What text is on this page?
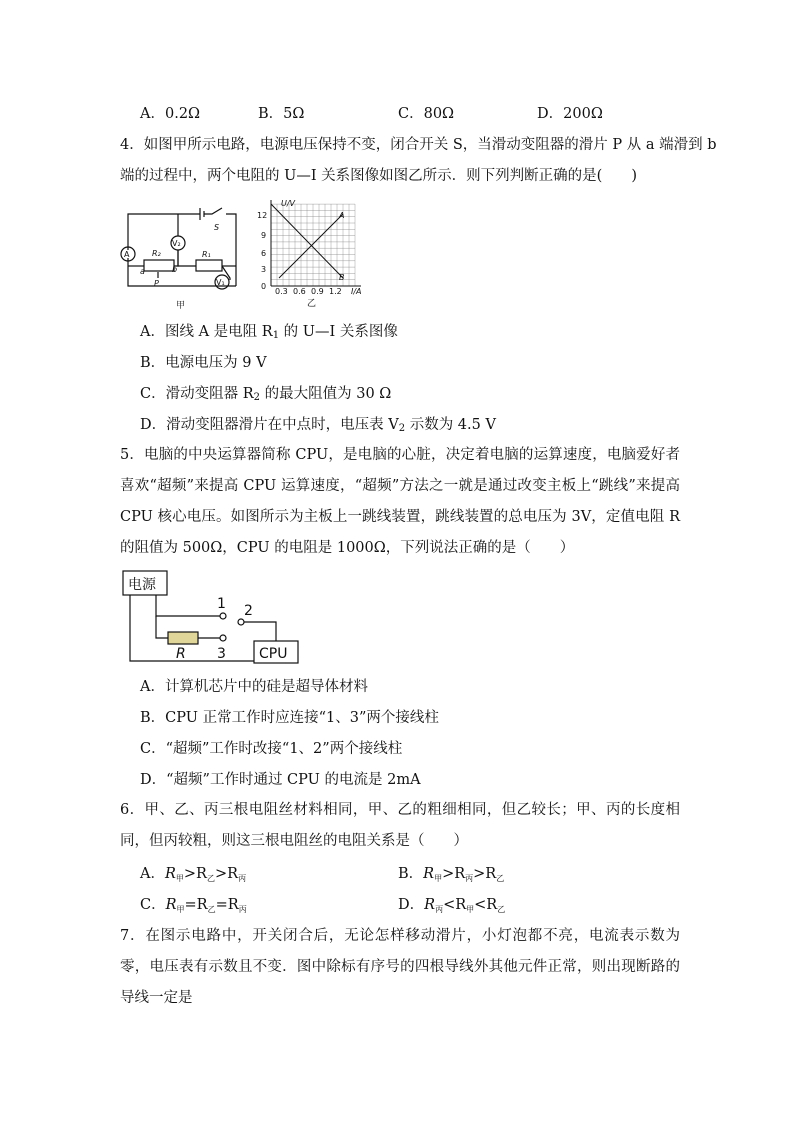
A．0.2Ω	B．5Ω	C．80Ω	D．200Ω
4．如图甲所示电路，电源电压保持不变，闭合开关 S，当滑动变阻器的滑片 P 从 a 端滑到 b
端的过程中，两个电阻的 U—I 关系图像如图乙所示．则下列判断正确的是(　　)
A
V₂
V₁
R₂	R₁
P
a	b
S
甲
U/V
I/A
A
B
12
9
6
3
0
0.3 0.6 0.9 1.2
乙
A．图线 A 是电阻 $R_1$ 的 U—I 关系图像
B．电源电压为 9 V
C．滑动变阻器 $R_2$ 的最大阻值为 30 Ω
D．滑动变阻器滑片在中点时，电压表 $V_2$ 示数为 4.5 V
5．电脑的中央运算器简称 CPU，是电脑的心脏，决定着电脑的运算速度，电脑爱好者喜欢“超频”来提高 CPU 运算速度，“超频”方法之一就是通过改变主板上“跳线”来提高 CPU 核心电压。如图所示为主板上一跳线装置，跳线装置的总电压为 3V，定值电阻 R 的阻值为 500Ω，CPU 的电阻是 1000Ω，下列说法正确的是（　　）
电源
CPU
R
1 2
3
A．计算机芯片中的硅是超导体材料
B．CPU 正常工作时应连接“1、3”两个接线柱
C．“超频”工作时改接“1、2”两个接线柱
D．“超频”工作时通过 CPU 的电流是 2mA
6．甲、乙、丙三根电阻丝材料相同，甲、乙的粗细相同，但乙较长；甲、丙的长度相同，但丙较粗，则这三根电阻丝的电阻关系是（　　）
A．$R_甲>R_乙>R_丙$	B．$R_甲>R_丙>R_乙$
C．$R_甲=R_乙=R_丙$	D．$R_丙<R_甲<R_乙$
7．在图示电路中，开关闭合后，无论怎样移动滑片，小灯泡都不亮，电流表示数为零，电压表有示数且不变．图中除标有序号的四根导线外其他元件正常，则出现断路的导线一定是
